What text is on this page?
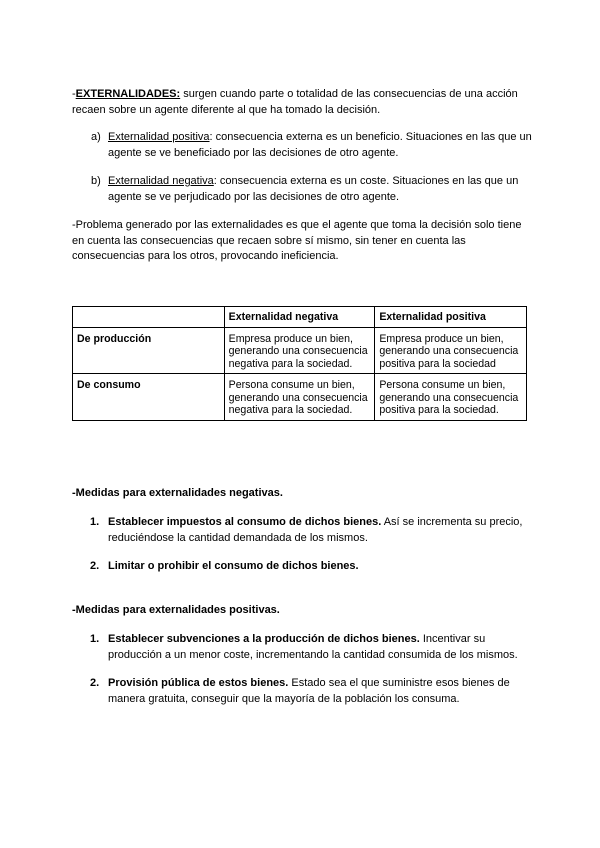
-EXTERNALIDADES: surgen cuando parte o totalidad de las consecuencias de una acción recaen sobre un agente diferente al que ha tomado la decisión.
a) Externalidad positiva: consecuencia externa es un beneficio. Situaciones en las que un agente se ve beneficiado por las decisiones de otro agente.
b) Externalidad negativa: consecuencia externa es un coste. Situaciones en las que un agente se ve perjudicado por las decisiones de otro agente.
-Problema generado por las externalidades es que el agente que toma la decisión solo tiene en cuenta las consecuencias que recaen sobre sí mismo, sin tener en cuenta las consecuencias para los otros, provocando ineficiencia.
	Externalidad negativa	Externalidad positiva
De producción	Empresa produce un bien, generando una consecuencia negativa para la sociedad.	Empresa produce un bien, generando una consecuencia positiva para la sociedad
De consumo	Persona consume un bien, generando una consecuencia negativa para la sociedad.	Persona consume un bien, generando una consecuencia positiva para la sociedad.
-Medidas para externalidades negativas.
1. Establecer impuestos al consumo de dichos bienes. Así se incrementa su precio, reduciéndose la cantidad demandada de los mismos.
2. Limitar o prohibir el consumo de dichos bienes.
-Medidas para externalidades positivas.
1. Establecer subvenciones a la producción de dichos bienes. Incentivar su producción a un menor coste, incrementando la cantidad consumida de los mismos.
2. Provisión pública de estos bienes. Estado sea el que suministre esos bienes de manera gratuita, conseguir que la mayoría de la población los consuma.
